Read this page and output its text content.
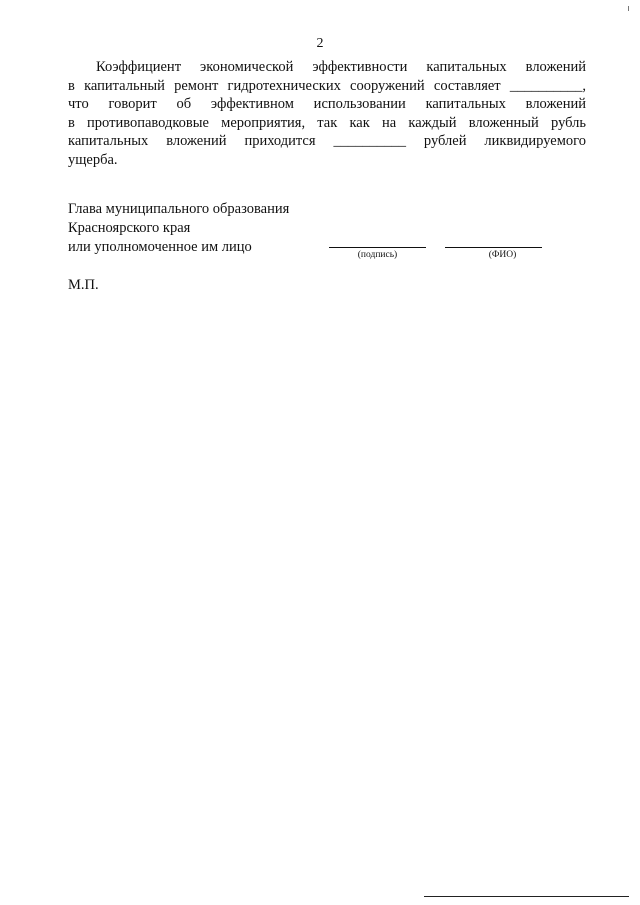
2
Коэффициент экономической эффективности капитальных вложений
в капитальный ремонт гидротехнических сооружений составляет __________,
что говорит об эффективном использовании капитальных вложений
в противопаводковые мероприятия, так как на каждый вложенный рубль
капитальных вложений приходится __________ рублей ликвидируемого
ущерба.
Глава муниципального образования
Красноярского края
или уполномоченное им лицо	(подпись)	(ФИО)
М.П.
